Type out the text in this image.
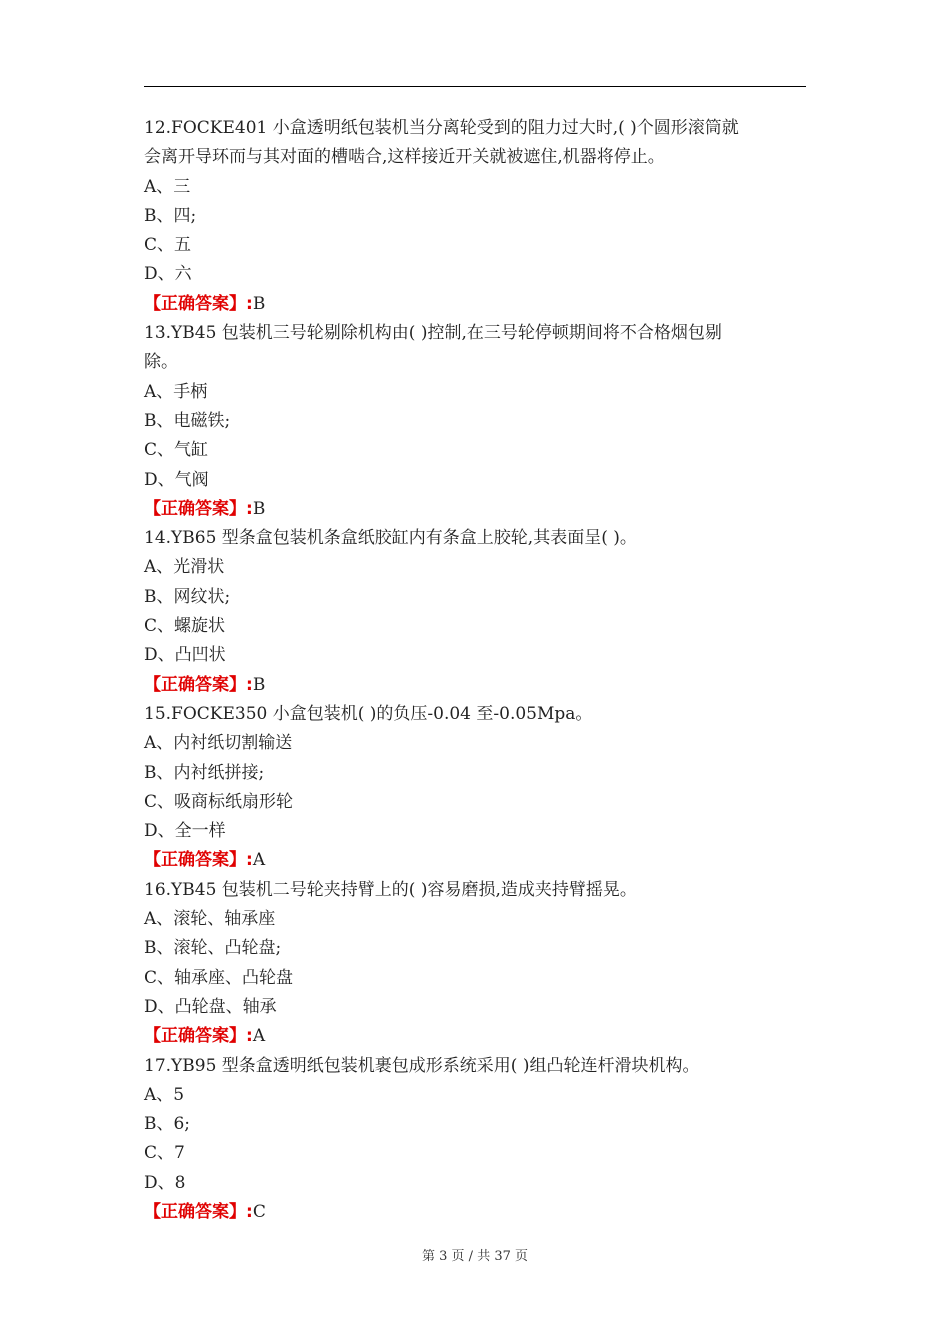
12.FOCKE401 小盒透明纸包装机当分离轮受到的阻力过大时,( )个圆形滚筒就
会离开导环而与其对面的槽啮合,这样接近开关就被遮住,机器将停止。
A、三
B、四;
C、五
D、六
【正确答案】:B
13.YB45 包装机三号轮剔除机构由( )控制,在三号轮停顿期间将不合格烟包剔
除。
A、手柄
B、电磁铁;
C、气缸
D、气阀
【正确答案】:B
14.YB65 型条盒包装机条盒纸胶缸内有条盒上胶轮,其表面呈( )。
A、光滑状
B、网纹状;
C、螺旋状
D、凸凹状
【正确答案】:B
15.FOCKE350 小盒包装机( )的负压-0.04 至-0.05Mpa。
A、内衬纸切割输送
B、内衬纸拼接;
C、吸商标纸扇形轮
D、全一样
【正确答案】:A
16.YB45 包装机二号轮夹持臂上的( )容易磨损,造成夹持臂摇晃。
A、滚轮、轴承座
B、滚轮、凸轮盘;
C、轴承座、凸轮盘
D、凸轮盘、轴承
【正确答案】:A
17.YB95 型条盒透明纸包装机裹包成形系统采用( )组凸轮连杆滑块机构。
A、5
B、6;
C、7
D、8
【正确答案】:C
第 3 页 / 共 37 页
